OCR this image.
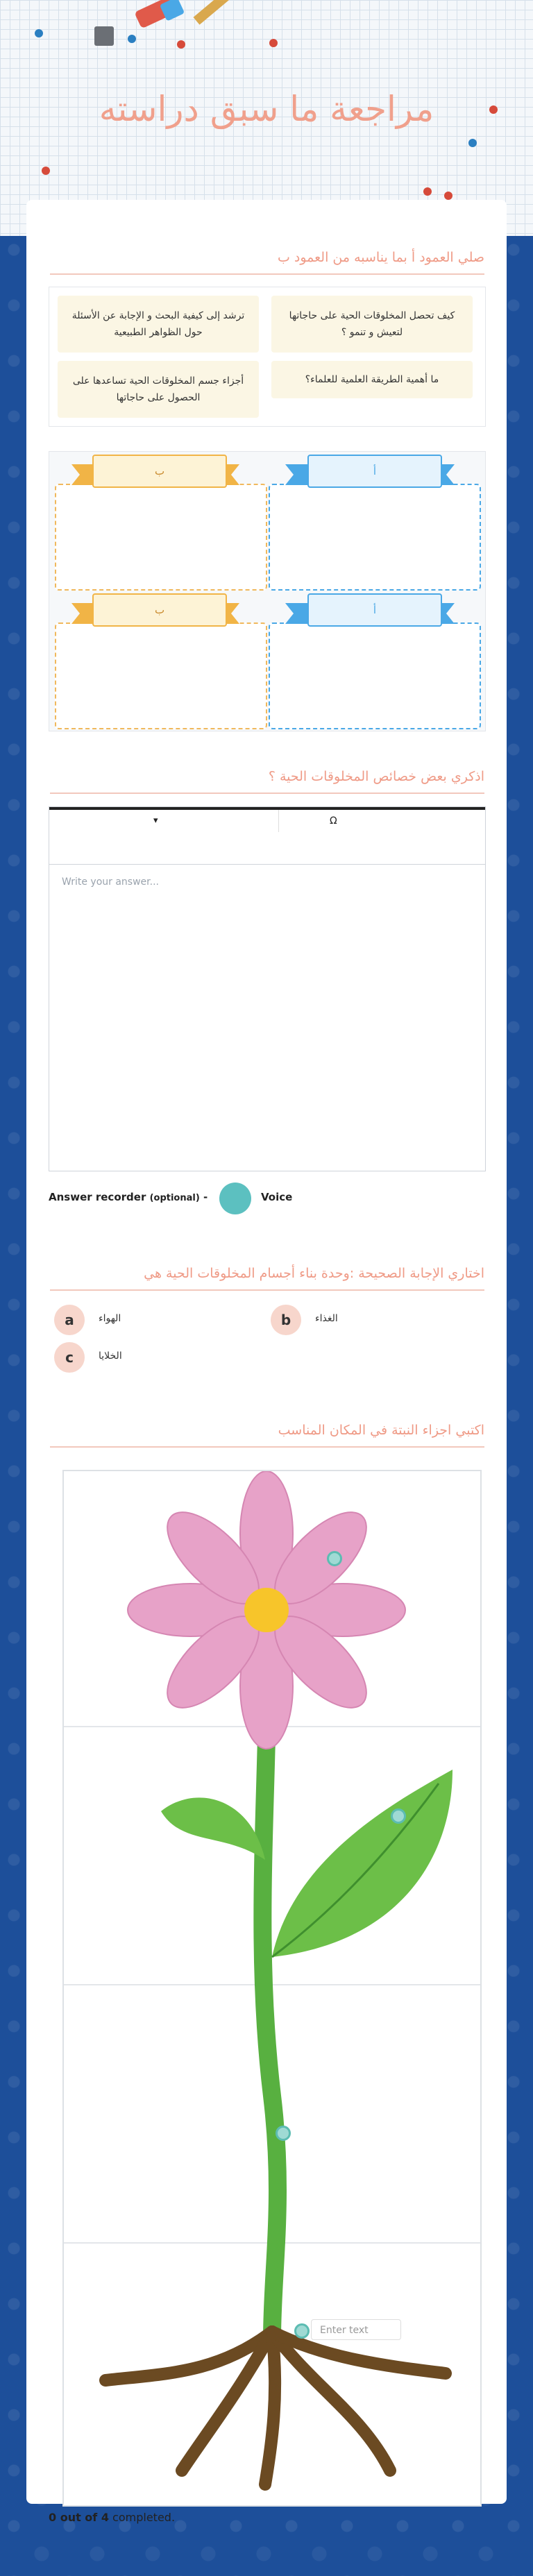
مراجعة ما سبق دراسته
صلي العمود أ بما يناسبه من العمود ب
كيف تحصل المخلوقات الحية على حاجاتها لتعيش و تنمو ؟
ترشد إلى كيفية البحث و الإجابة عن الأسئلة حول الظواهر الطبيعية
ما أهمية الطريقة العلمية للعلماء؟
أجزاء جسم المخلوقات الحية تساعدها على الحصول على حاجاتها
ب	أ
ب	أ
اذكري بعض خصائص المخلوقات الحية ؟
▾	Ω
Write your answer...
Answer recorder (optional) -	Voice
اختاري الإجابة الصحيحة :وحدة بناء أجسام المخلوقات الحية هي
a	الهواء	b	الغذاء
c	الخلايا
اكتبي اجزاء النبتة في المكان المناسب
Enter text
0 out of 4 completed.
